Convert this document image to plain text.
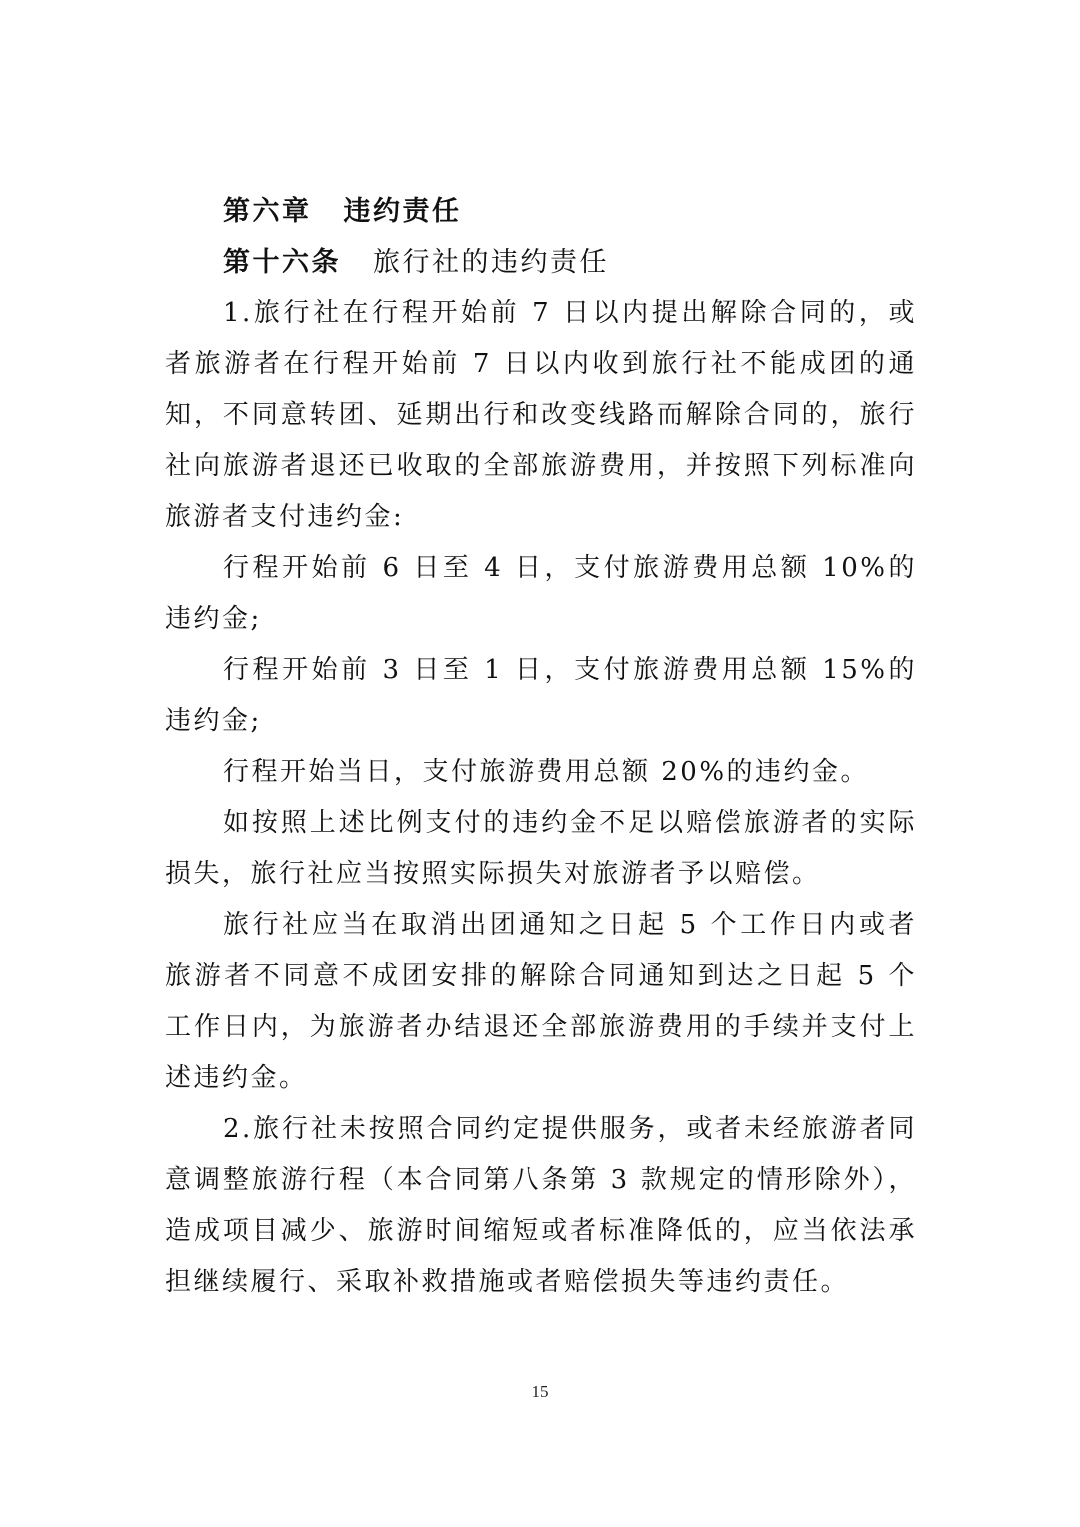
第六章 违约责任

第十六条 旅行社的违约责任

1.旅行社在行程开始前 7 日以内提出解除合同的，或者旅游者在行程开始前 7 日以内收到旅行社不能成团的通知，不同意转团、延期出行和改变线路而解除合同的，旅行社向旅游者退还已收取的全部旅游费用，并按照下列标准向旅游者支付违约金:

行程开始前 6 日至 4 日，支付旅游费用总额 10%的违约金;

行程开始前 3 日至 1 日，支付旅游费用总额 15%的违约金;

行程开始当日，支付旅游费用总额 20%的违约金。

如按照上述比例支付的违约金不足以赔偿旅游者的实际损失，旅行社应当按照实际损失对旅游者予以赔偿。

旅行社应当在取消出团通知之日起 5 个工作日内或者旅游者不同意不成团安排的解除合同通知到达之日起 5 个工作日内，为旅游者办结退还全部旅游费用的手续并支付上述违约金。

2.旅行社未按照合同约定提供服务，或者未经旅游者同意调整旅游行程（本合同第八条第 3 款规定的情形除外），造成项目减少、旅游时间缩短或者标准降低的，应当依法承担继续履行、采取补救措施或者赔偿损失等违约责任。

15
